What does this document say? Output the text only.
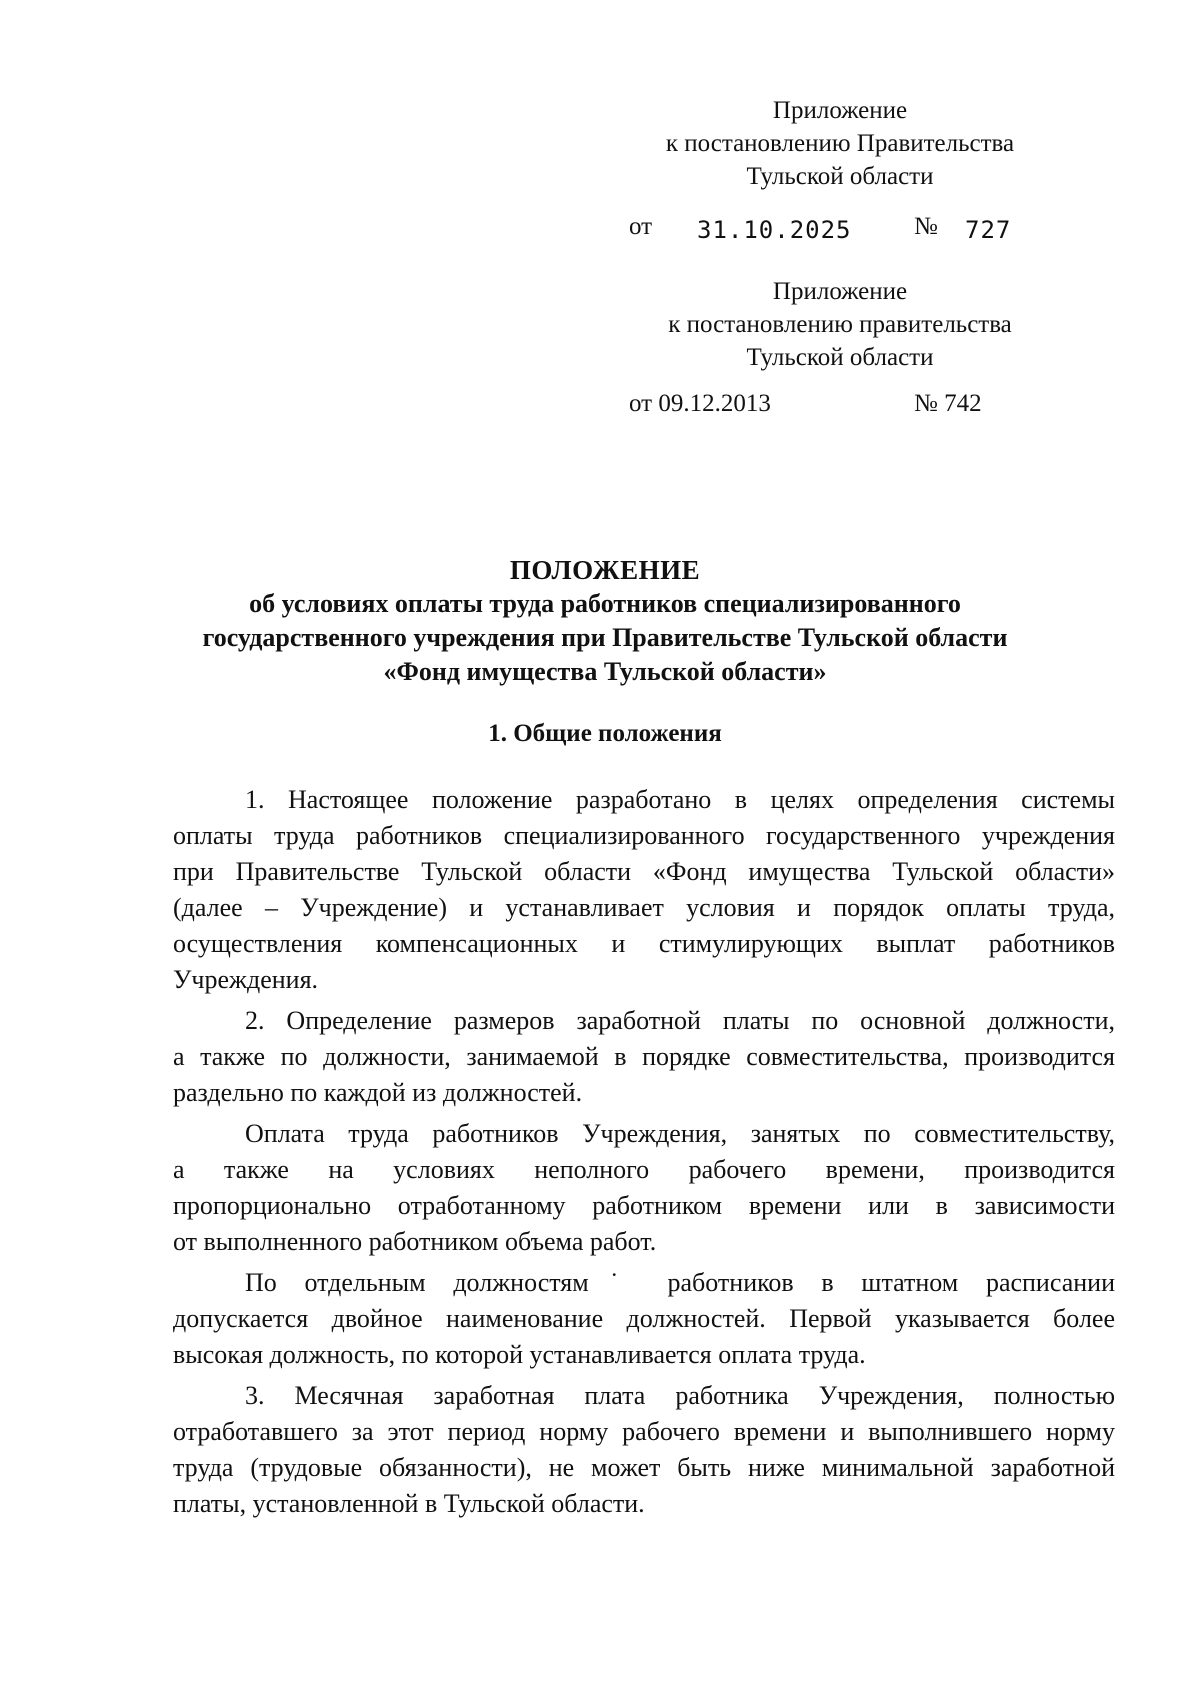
Приложение
к постановлению Правительства
Тульской области
от 31.10.2025	№ 727
Приложение
к постановлению правительства
Тульской области
от 09.12.2013	№ 742
ПОЛОЖЕНИЕ
об условиях оплаты труда работников специализированного
государственного учреждения при Правительстве Тульской области
«Фонд имущества Тульской области»
1. Общие положения
1. Настоящее положение разработано в целях определения системы
оплаты труда работников специализированного государственного учреждения
при Правительстве Тульской области «Фонд имущества Тульской области»
(далее – Учреждение) и устанавливает условия и порядок оплаты труда,
осуществления компенсационных и стимулирующих выплат работников
Учреждения.
2. Определение размеров заработной платы по основной должности,
а также по должности, занимаемой в порядке совместительства, производится
раздельно по каждой из должностей.
Оплата труда работников Учреждения, занятых по совместительству,
а также на условиях неполного рабочего времени, производится
пропорционально отработанному работником времени или в зависимости
от выполненного работником объема работ.
По отдельным должностям˙ работников в штатном расписании
допускается двойное наименование должностей. Первой указывается более
высокая должность, по которой устанавливается оплата труда.
3. Месячная заработная плата работника Учреждения, полностью
отработавшего за этот период норму рабочего времени и выполнившего норму
труда (трудовые обязанности), не может быть ниже минимальной заработной
платы, установленной в Тульской области.
